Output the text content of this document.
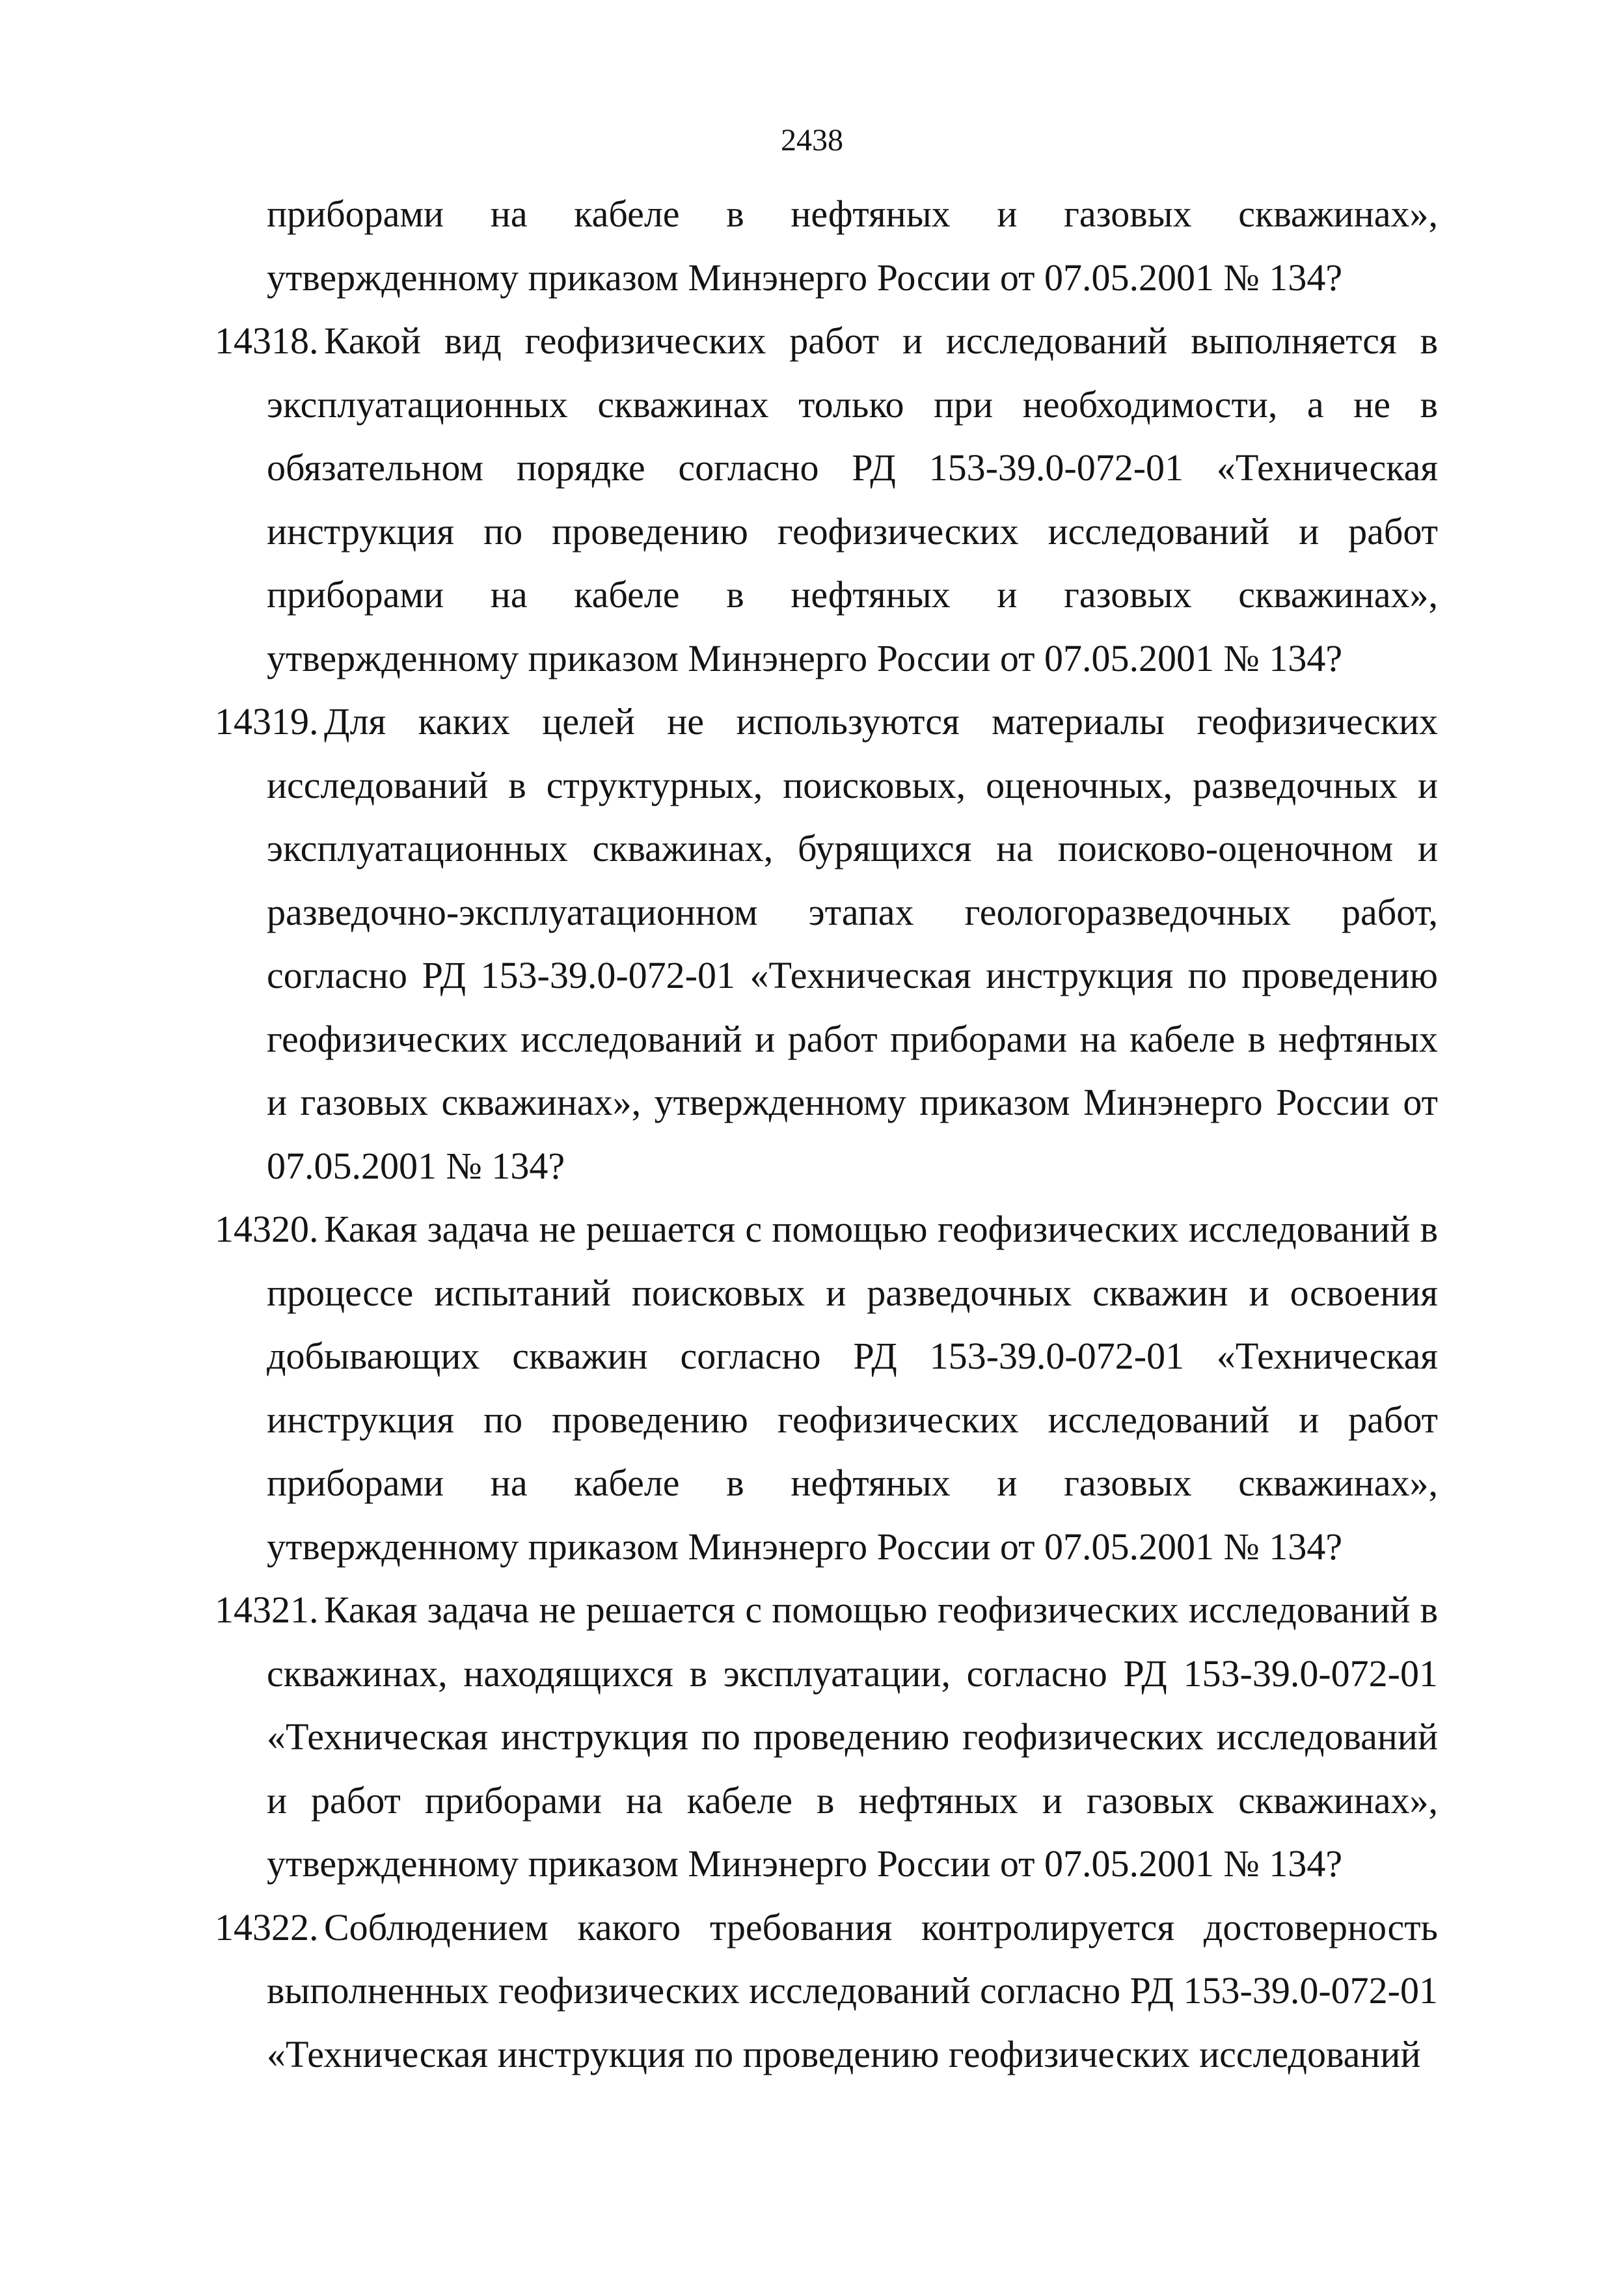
2438
приборами на кабеле в нефтяных и газовых скважинах», утвержденному приказом Минэнерго России от 07.05.2001 № 134?
14318. Какой вид геофизических работ и исследований выполняется в эксплуатационных скважинах только при необходимости, а не в обязательном порядке согласно РД 153-39.0-072-01 «Техническая инструкция по проведению геофизических исследований и работ приборами на кабеле в нефтяных и газовых скважинах», утвержденному приказом Минэнерго России от 07.05.2001 № 134?
14319. Для каких целей не используются материалы геофизических исследований в структурных, поисковых, оценочных, разведочных и эксплуатационных скважинах, бурящихся на поисково-оценочном и разведочно-эксплуатационном этапах геологоразведочных работ, согласно РД 153-39.0-072-01 «Техническая инструкция по проведению геофизических исследований и работ приборами на кабеле в нефтяных и газовых скважинах», утвержденному приказом Минэнерго России от 07.05.2001 № 134?
14320. Какая задача не решается с помощью геофизических исследований в процессе испытаний поисковых и разведочных скважин и освоения добывающих скважин согласно РД 153-39.0-072-01 «Техническая инструкция по проведению геофизических исследований и работ приборами на кабеле в нефтяных и газовых скважинах», утвержденному приказом Минэнерго России от 07.05.2001 № 134?
14321. Какая задача не решается с помощью геофизических исследований в скважинах, находящихся в эксплуатации, согласно РД 153-39.0-072-01 «Техническая инструкция по проведению геофизических исследований и работ приборами на кабеле в нефтяных и газовых скважинах», утвержденному приказом Минэнерго России от 07.05.2001 № 134?
14322. Соблюдением какого требования контролируется достоверность выполненных геофизических исследований согласно РД 153-39.0-072-01 «Техническая инструкция по проведению геофизических исследований
